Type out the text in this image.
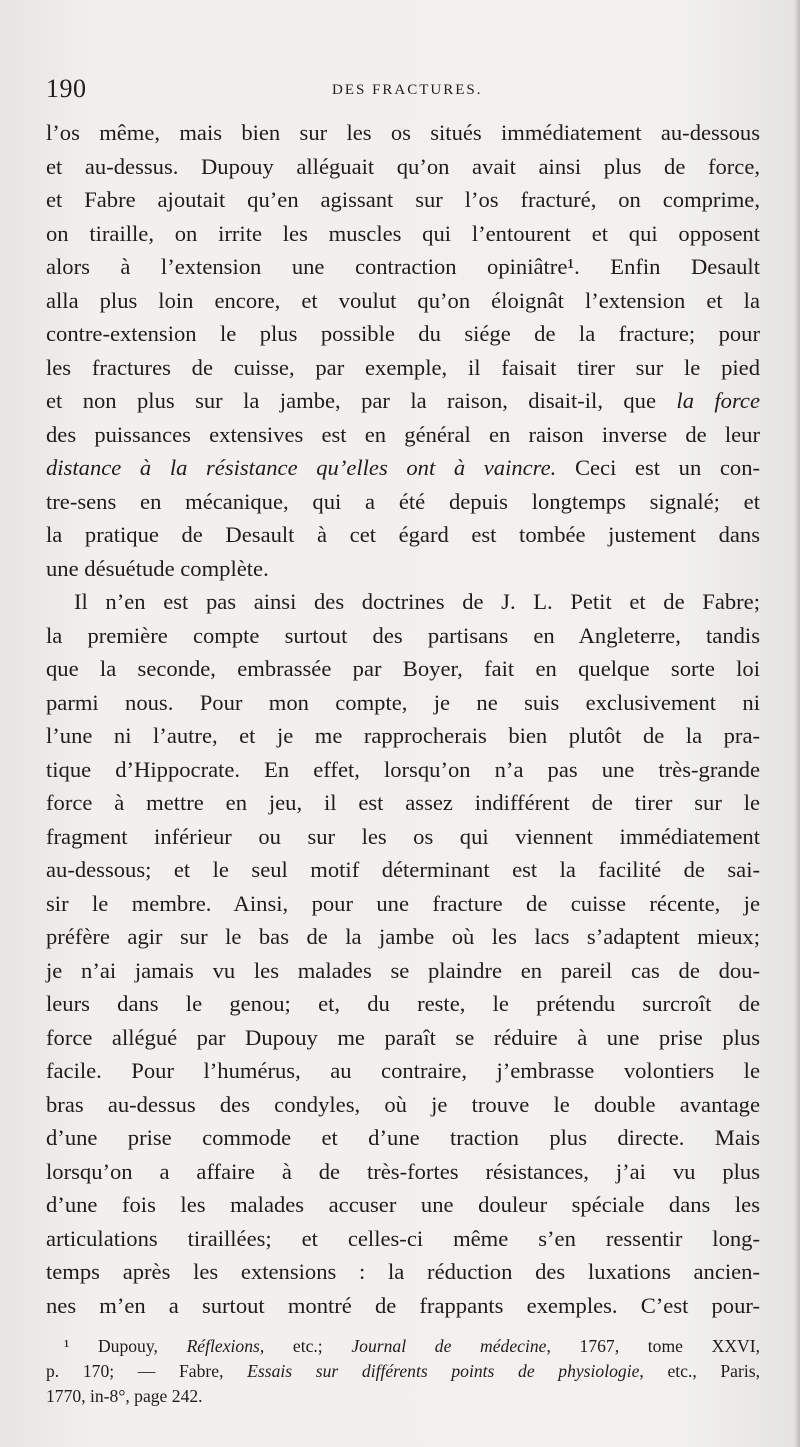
190	DES FRACTURES.
l’os même, mais bien sur les os situés immédiatement au-dessous
et au-dessus. Dupouy alléguait qu’on avait ainsi plus de force,
et Fabre ajoutait qu’en agissant sur l’os fracturé, on comprime,
on tiraille, on irrite les muscles qui l’entourent et qui opposent
alors à l’extension une contraction opiniâtre¹. Enfin Desault
alla plus loin encore, et voulut qu’on éloignât l’extension et la
contre-extension le plus possible du siége de la fracture; pour
les fractures de cuisse, par exemple, il faisait tirer sur le pied
et non plus sur la jambe, par la raison, disait-il, que la force
des puissances extensives est en général en raison inverse de leur
distance à la résistance qu’elles ont à vaincre. Ceci est un con-
tre-sens en mécanique, qui a été depuis longtemps signalé; et
la pratique de Desault à cet égard est tombée justement dans
une désuétude complète.
Il n’en est pas ainsi des doctrines de J. L. Petit et de Fabre;
la première compte surtout des partisans en Angleterre, tandis
que la seconde, embrassée par Boyer, fait en quelque sorte loi
parmi nous. Pour mon compte, je ne suis exclusivement ni
l’une ni l’autre, et je me rapprocherais bien plutôt de la pra-
tique d’Hippocrate. En effet, lorsqu’on n’a pas une très-grande
force à mettre en jeu, il est assez indifférent de tirer sur le
fragment inférieur ou sur les os qui viennent immédiatement
au-dessous; et le seul motif déterminant est la facilité de sai-
sir le membre. Ainsi, pour une fracture de cuisse récente, je
préfère agir sur le bas de la jambe où les lacs s’adaptent mieux;
je n’ai jamais vu les malades se plaindre en pareil cas de dou-
leurs dans le genou; et, du reste, le prétendu surcroît de
force allégué par Dupouy me paraît se réduire à une prise plus
facile. Pour l’humérus, au contraire, j’embrasse volontiers le
bras au-dessus des condyles, où je trouve le double avantage
d’une prise commode et d’une traction plus directe. Mais
lorsqu’on a affaire à de très-fortes résistances, j’ai vu plus
d’une fois les malades accuser une douleur spéciale dans les
articulations tiraillées; et celles-ci même s’en ressentir long-
temps après les extensions : la réduction des luxations ancien-
nes m’en a surtout montré de frappants exemples. C’est pour-
¹ Dupouy, Réflexions, etc.; Journal de médecine, 1767, tome XXVI,
p. 170; — Fabre, Essais sur différents points de physiologie, etc., Paris,
1770, in-8°, page 242.
